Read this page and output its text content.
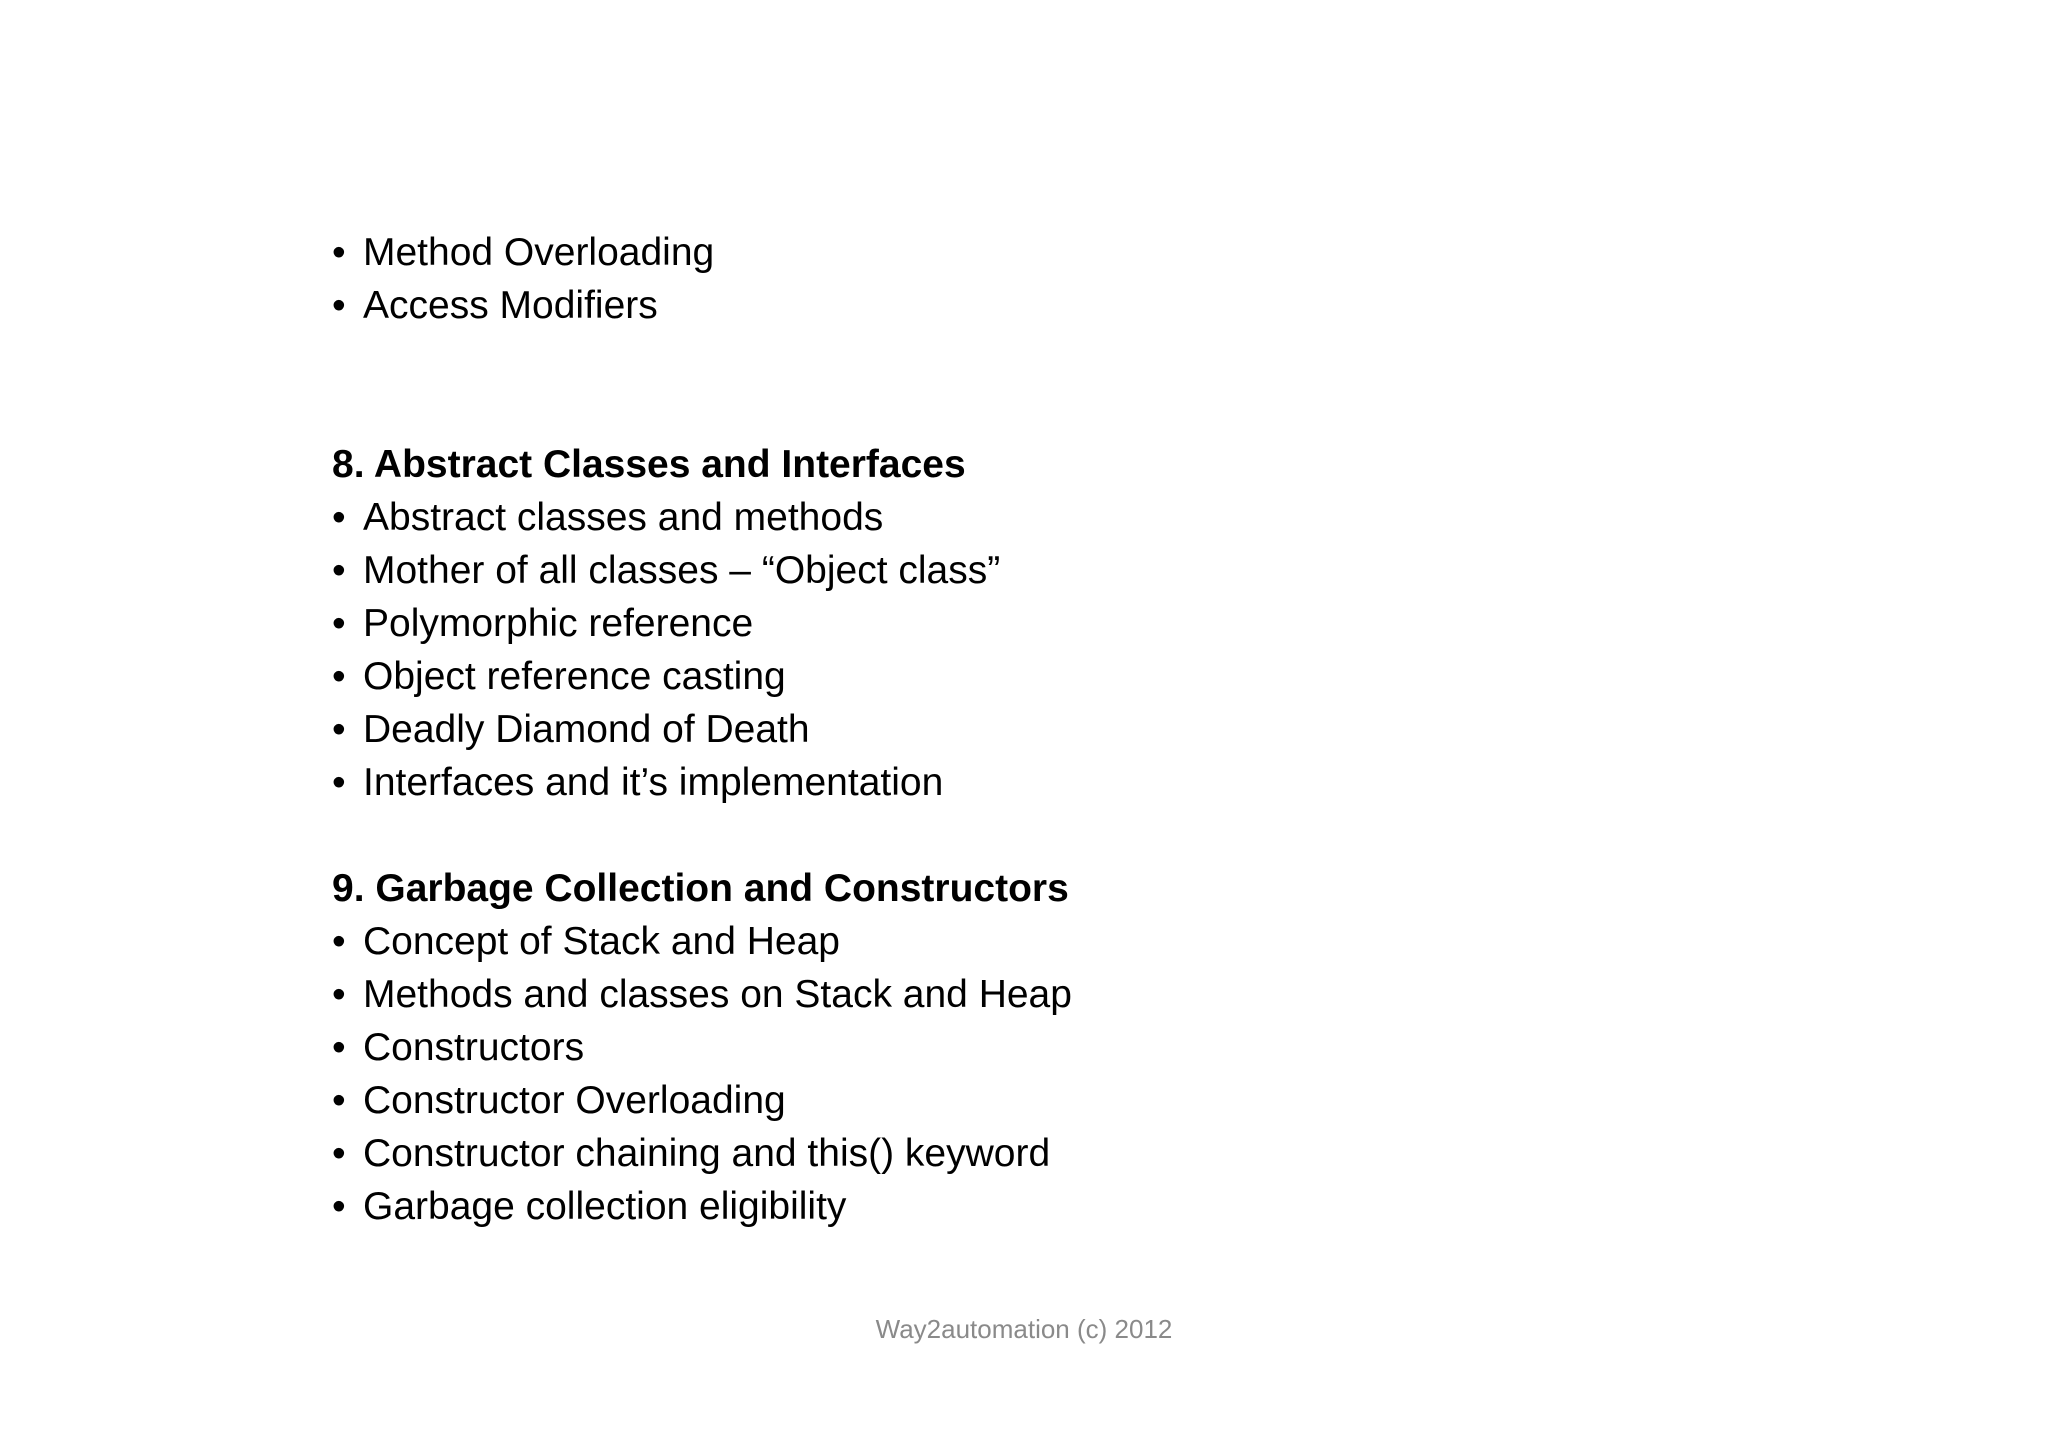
• Method Overloading
• Access Modifiers
8. Abstract Classes and Interfaces
• Abstract classes and methods
• Mother of all classes – “Object class”
• Polymorphic reference
• Object reference casting
• Deadly Diamond of Death
• Interfaces and it’s implementation
9. Garbage Collection and Constructors
• Concept of Stack and Heap
• Methods and classes on Stack and Heap
• Constructors
• Constructor Overloading
• Constructor chaining and this() keyword
• Garbage collection eligibility
Way2automation (c) 2012
